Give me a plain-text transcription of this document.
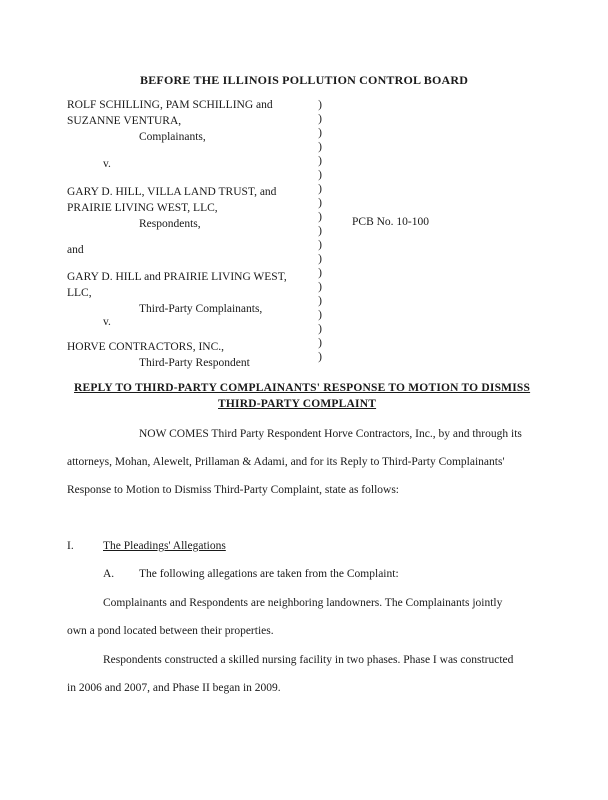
BEFORE THE ILLINOIS POLLUTION CONTROL BOARD
ROLF SCHILLING, PAM SCHILLING and
SUZANNE VENTURA,
Complainants,
v.
GARY D. HILL, VILLA LAND TRUST, and
PRAIRIE LIVING WEST, LLC,
Respondents,
and
GARY D. HILL and PRAIRIE LIVING WEST,
LLC,
Third-Party Complainants,
v.
HORVE CONTRACTORS, INC.,
Third-Party Respondent
)
)
)
)
)
)
)
)
)
)
)
)
)
)
)
)
)
)
)
PCB No. 10-100
REPLY TO THIRD-PARTY COMPLAINANTS' RESPONSE TO MOTION TO DISMISS
THIRD-PARTY COMPLAINT
NOW COMES Third Party Respondent Horve Contractors, Inc., by and through its
attorneys, Mohan, Alewelt, Prillaman & Adami, and for its Reply to Third-Party Complainants'
Response to Motion to Dismiss Third-Party Complaint, state as follows:
I.	The Pleadings' Allegations
A. The following allegations are taken from the Complaint:
Complainants and Respondents are neighboring landowners. The Complainants jointly
own a pond located between their properties.
Respondents constructed a skilled nursing facility in two phases. Phase I was constructed
in 2006 and 2007, and Phase II began in 2009.
